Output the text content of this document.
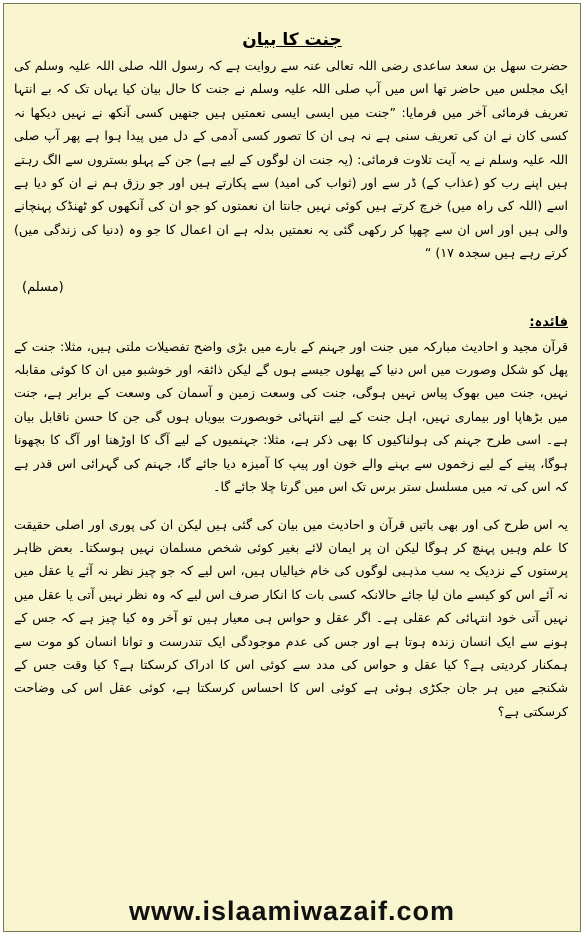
جنت کا بیان

حضرت سھل بن سعد ساعدی رضی اللہ تعالی عنہ سے روایت ہے کہ رسول اللہ صلی اللہ علیہ وسلم کی ایک مجلس میں حاضر تھا اس میں آپ صلی اللہ علیہ وسلم نے جنت کا حال بیان کیا یہاں تک کہ بے انتہا تعریف فرمائی آخر میں فرمایا: ”جنت میں ایسی ایسی نعمتیں ہیں جنھیں کسی آنکھ نے نہیں دیکھا نہ کسی کان نے ان کی تعریف سنی ہے نہ ہی ان کا تصور کسی آدمی کے دل میں پیدا ہوا ہے پھر آپ صلی اللہ علیہ وسلم نے یہ آیت تلاوت فرمائی: (یہ جنت ان لوگوں کے لیے ہے) جن کے پہلو بستروں سے الگ رہتے ہیں اپنے رب کو (عذاب کے) ڈر سے اور (ثواب کی امید) سے پکارتے ہیں اور جو رزق ہم نے ان کو دیا ہے اسے (اللہ کی راہ میں) خرچ کرتے ہیں کوئی نہیں جانتا ان نعمتوں کو جو ان کی آنکھوں کو ٹھنڈک پہنچانے والی ہیں اور اس ان سے چھپا کر رکھی گئی یہ نعمتیں بدلہ ہے ان اعمال کا جو وہ (دنیا کی زندگی میں) کرتے رہے ہیں سجدہ ١٧) “

(مسلم)
فائدہ:

قرآن مجید و احادیث مبارکہ میں جنت اور جہنم کے بارے میں بڑی واضح تفصیلات ملتی ہیں، مثلا: جنت کے پھل کو شکل وصورت میں اس دنیا کے پھلوں جیسے ہوں گے لیکن ذائقہ اور خوشبو میں ان کا کوئی مقابلہ نہیں، جنت میں بھوک پیاس نہیں ہوگی، جنت کی وسعت زمین و آسمان کی وسعت کے برابر ہے، جنت میں بڑھاپا اور بیماری نہیں، اہل جنت کے لیے انتہائی خوبصورت بیویاں ہوں گی جن کا حسن ناقابل بیان ہے۔ اسی طرح جہنم کی ہولناکیوں کا بھی ذکر ہے، مثلا: جہنمیوں کے لیے آگ کا اوڑھنا اور آگ کا بچھونا ہوگا، پینے کے لیے زخموں سے بہنے والے خون اور پیپ کا آمیزہ دیا جائے گا، جہنم کی گہرائی اس قدر ہے کہ اس کی تہ میں مسلسل ستر برس تک اس میں گرتا چلا جائے گا۔

یہ اس طرح کی اور بھی باتیں قرآن و احادیث میں بیان کی گئی ہیں لیکن ان کی پوری اور اصلی حقیقت کا علم وہیں پہنچ کر ہوگا لیکن ان پر ایمان لائے بغیر کوئی شخص مسلمان نہیں ہوسکتا۔ بعض ظاہر پرستوں کے نزدیک یہ سب مذہبی لوگوں کی خام خیالیاں ہیں، اس لیے کہ جو چیز نظر نہ آئے یا عقل میں نہ آئے اس کو کیسے مان لیا جائے حالانکہ کسی بات کا انکار صرف اس لیے کہ وہ نظر نہیں آتی یا عقل میں نہیں آتی خود انتہائی کم عقلی ہے۔ اگر عقل و حواس ہی معیار ہیں تو آخر وہ کیا چیز ہے کہ جس کے ہونے سے ایک انسان زندہ ہوتا ہے اور جس کی عدم موجودگی ایک تندرست و توانا انسان کو موت سے ہمکنار کردیتی ہے؟ کیا عقل و حواس کی مدد سے کوئی اس کا ادراک کرسکتا ہے؟ کیا وقت جس کے شکنجے میں ہر جان جکڑی ہوئی ہے کوئی اس کا احساس کرسکتا ہے، کوئی عقل اس کی وضاحت کرسکتی ہے؟

www.islaamiwazaif.com
